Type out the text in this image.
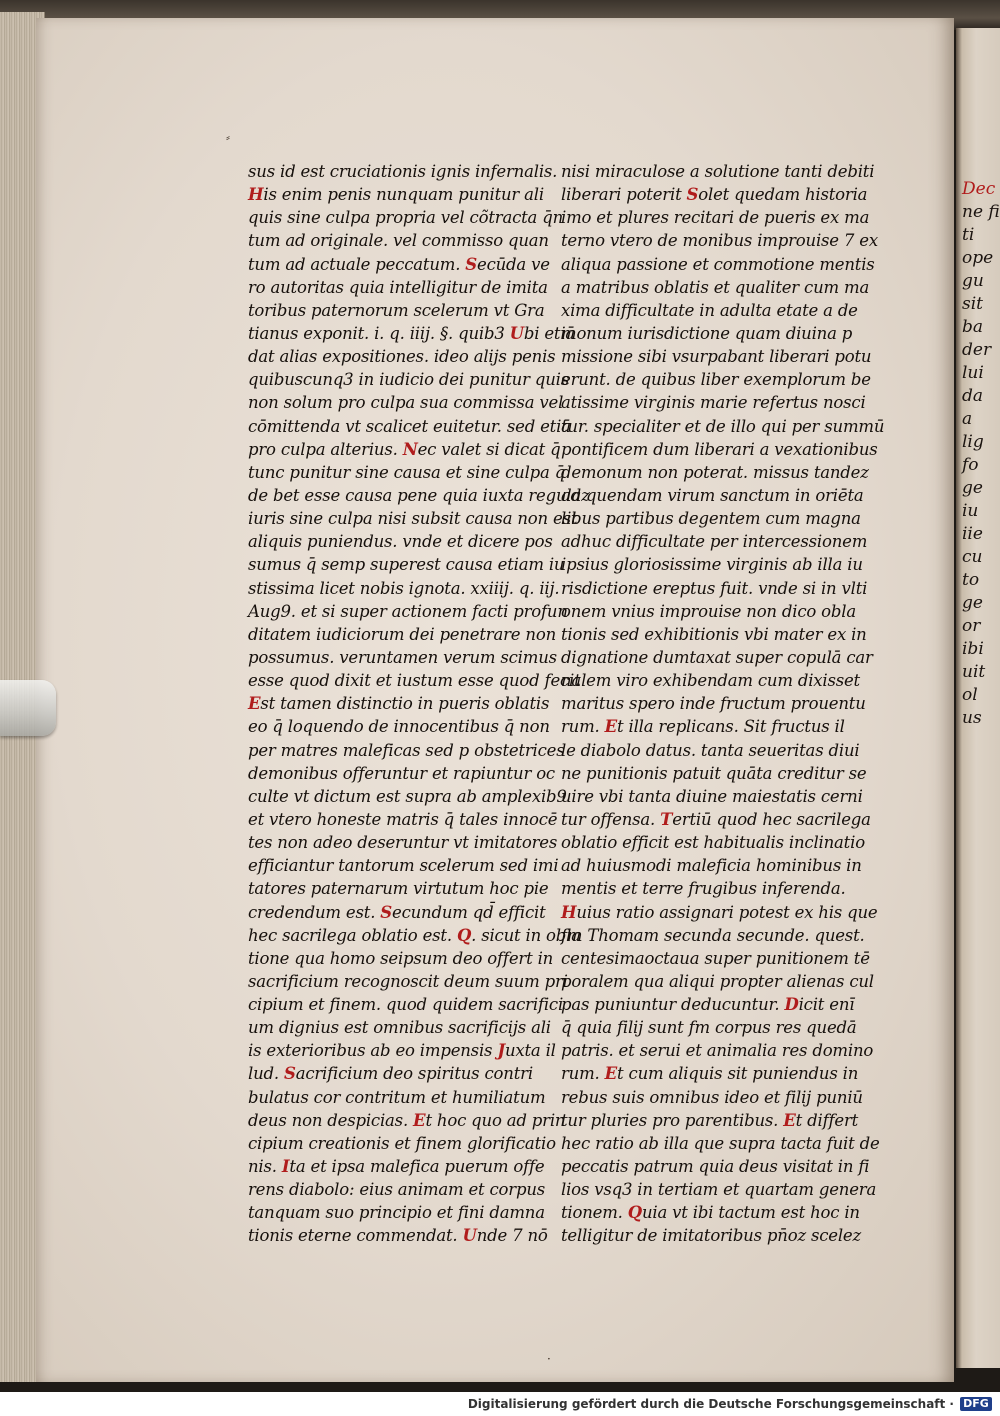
Dec
ne fi
ti
ope
gu
sit
ba
der
lui
da
a
lig
fo
ge
iu
iie
cu
to
ge
or
ibi
uit
ol
us
⸗
·
sus id est cruciationis ignis infernalis.
His enim penis nunquam punitur ali
quis sine culpa propria vel cõtracta q̄n
tum ad originale. vel commisso quan
tum ad actuale peccatum. Secūda ve
ro autoritas quia intelligitur de imita
toribus paternorum scelerum vt Gra
tianus exponit. i. q. iiij. §. quib3 Ubi etiā
dat alias expositiones. ideo alijs penis
quibuscunq3 in iudicio dei punitur quis
non solum pro culpa sua commissa vel
cōmittenda vt scalicet euitetur. sed etiā
pro culpa alterius. Nec valet si dicat q̄
tunc punitur sine causa et sine culpa q̄
de bet esse causa pene quia iuxta regulaz
iuris sine culpa nisi subsit causa non est
aliquis puniendus. vnde et dicere pos
sumus q̄ semp superest causa etiam iu
stissima licet nobis ignota. xxiiij. q. iij.
Aug9. et si super actionem facti profun
ditatem iudiciorum dei penetrare non
possumus. veruntamen verum scimus
esse quod dixit et iustum esse quod fecit
Est tamen distinctio in pueris oblatis
eo q̄ loquendo de innocentibus q̄ non
per matres maleficas sed p obstetrices
demonibus offeruntur et rapiuntur oc
culte vt dictum est supra ab amplexib9
et vtero honeste matris q̄ tales innocē
tes non adeo deseruntur vt imitatores
efficiantur tantorum scelerum sed imi
tatores paternarum virtutum hoc pie
credendum est. Secundum qd̄ efficit
hec sacrilega oblatio est. Q. sicut in obla
tione qua homo seipsum deo offert in
sacrificium recognoscit deum suum pri
cipium et finem. quod quidem sacrifici
um dignius est omnibus sacrificijs ali
is exterioribus ab eo impensis Juxta il
lud. Sacrificium deo spiritus contri
bulatus cor contritum et humiliatum
deus non despicias. Et hoc quo ad prin
cipium creationis et finem glorificatio
nis. Ita et ipsa malefica puerum offe
rens diabolo: eius animam et corpus
tanquam suo principio et fini damna
tionis eterne commendat. Unde 7 nō
nisi miraculose a solutione tanti debiti
liberari poterit Solet quedam historia
imo et plures recitari de pueris ex ma
terno vtero de monibus improuise 7 ex
aliqua passione et commotione mentis
a matribus oblatis et qualiter cum ma
xima difficultate in adulta etate a de
monum iurisdictione quam diuina p
missione sibi vsurpabant liberari potu
erunt. de quibus liber exemplorum be
atissime virginis marie refertus nosci
tur. specialiter et de illo qui per summū
pontificem dum liberari a vexationibus
demonum non poterat. missus tandez
ad quendam virum sanctum in oriēta
libus partibus degentem cum magna
adhuc difficultate per intercessionem
ipsius gloriosissime virginis ab illa iu
risdictione ereptus fuit. vnde si in vlti
onem vnius improuise non dico obla
tionis sed exhibitionis vbi mater ex in
dignatione dumtaxat super copulā car
nalem viro exhibendam cum dixisset
maritus spero inde fructum prouentu
rum. Et illa replicans. Sit fructus il
le diabolo datus. tanta seueritas diui
ne punitionis patuit quāta creditur se
uire vbi tanta diuine maiestatis cerni
tur offensa. Tertiū quod hec sacrilega
oblatio efficit est habitualis inclinatio
ad huiusmodi maleficia hominibus in
mentis et terre frugibus inferenda.
Huius ratio assignari potest ex his que
fm Thomam secunda secunde. quest.
centesimaoctaua super punitionem tē
poralem qua aliqui propter alienas cul
pas puniuntur deducuntur. Dicit enī
q̄ quia filij sunt fm corpus res quedā
patris. et serui et animalia res domino
rum. Et cum aliquis sit puniendus in
rebus suis omnibus ideo et filij puniū
tur pluries pro parentibus. Et differt
hec ratio ab illa que supra tacta fuit de
peccatis patrum quia deus visitat in fi
lios vsq3 in tertiam et quartam genera
tionem. Quia vt ibi tactum est hoc in
telligitur de imitatoribus pn̄oz scelez
Digitalisierung gefördert durch die Deutsche Forschungsgemeinschaft · DFG
